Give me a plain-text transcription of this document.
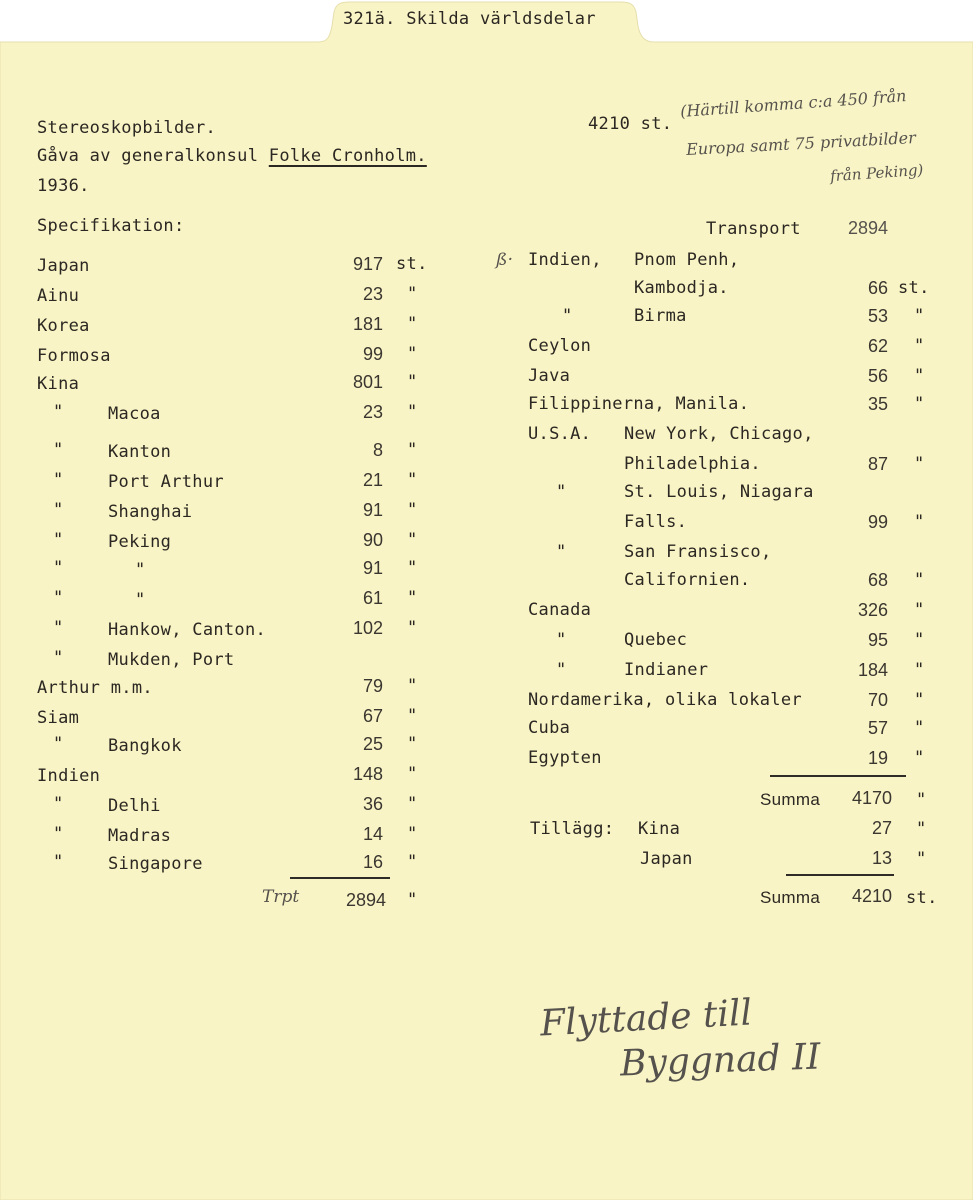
321ä. Skilda världsdelar
Stereoskopbilder.
Gåva av generalkonsul Folke Cronholm.
1936.
4210 st.
(Härtill komma c:a 450 från
Europa samt 75 privatbilder
från Peking)
Specifikation:
Japan	917 st.
Ainu	23 "
Korea	181 "
Formosa	99 "
Kina	801 "
"	Macoa	23 "
"	Kanton	8 "
"	Port Arthur	21 "
"	Shanghai	91 "
"	Peking	90 "
"	"	91 "
"	"	61 "
"	Hankow, Canton.	102 "
"	Mukden, Port
Arthur m.m.	79 "
Siam	67 "
"	Bangkok	25 "
Indien	148 "
"	Delhi	36 "
"	Madras	14 "
"	Singapore	16 "
Trpt	2894 "
Transport	2894
ß· Indien, Pnom Penh,
Kambodja.	66 st.
"	Birma	53 "
Ceylon	62 "
Java	56 "
Filippinerna, Manila.	35 "
U.S.A. New York, Chicago,
Philadelphia.	87 "
"	St. Louis, Niagara
Falls.	99 "
"	San Fransisco,
Californien.	68 "
Canada	326 "
"	Quebec	95 "
"	Indianer	184 "
Nordamerika, olika lokaler	70 "
Cuba	57 "
Egypten	19 "
Summa	4170 "
Tillägg: Kina	27 "
Japan	13 "
Summa	4210 st.
Flyttade till
Byggnad II
